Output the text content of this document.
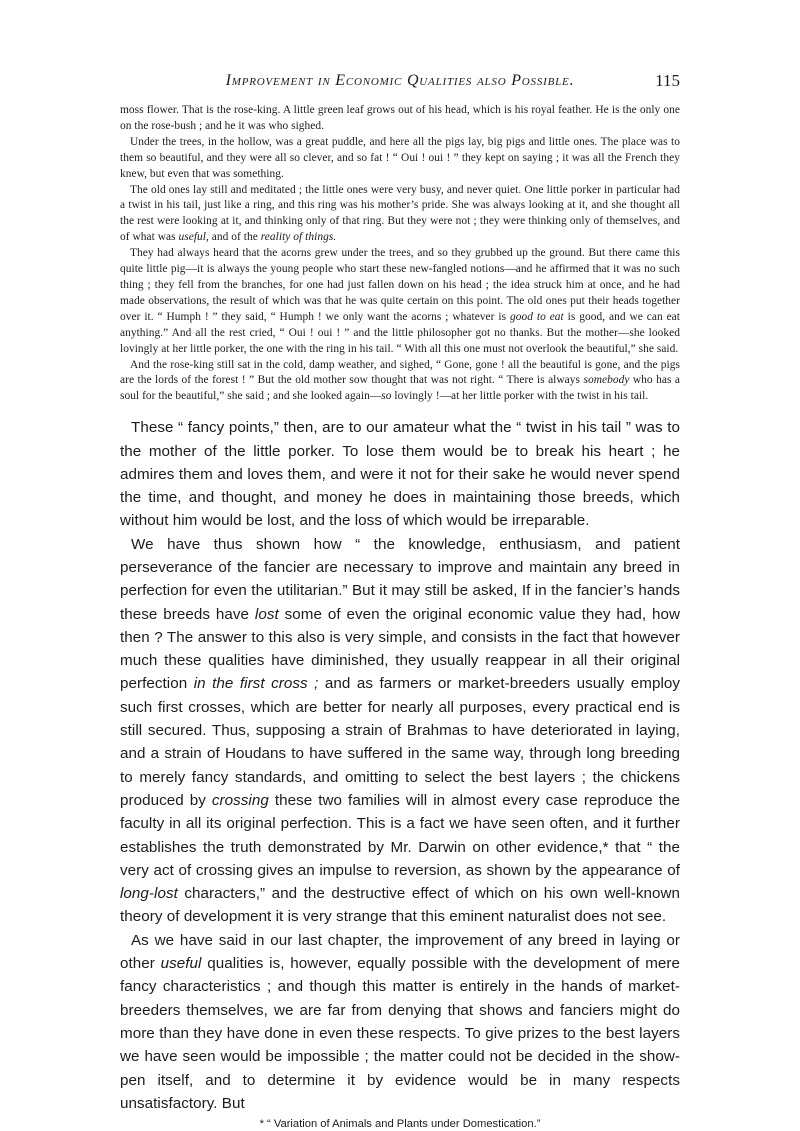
Improvement in Economic Qualities also Possible.	115

moss flower. That is the rose-king. A little green leaf grows out of his head, which is his royal feather. He is the only one on the rose-bush ; and he it was who sighed.

Under the trees, in the hollow, was a great puddle, and here all the pigs lay, big pigs and little ones. The place was to them so beautiful, and they were all so clever, and so fat ! “ Oui ! oui ! ” they kept on saying ; it was all the French they knew, but even that was something.

The old ones lay still and meditated ; the little ones were very busy, and never quiet. One little porker in particular had a twist in his tail, just like a ring, and this ring was his mother’s pride. She was always looking at it, and she thought all the rest were looking at it, and thinking only of that ring. But they were not ; they were thinking only of themselves, and of what was useful, and of the reality of things.

They had always heard that the acorns grew under the trees, and so they grubbed up the ground. But there came this quite little pig—it is always the young people who start these new-fangled notions—and he affirmed that it was no such thing ; they fell from the branches, for one had just fallen down on his head ; the idea struck him at once, and he had made observations, the result of which was that he was quite certain on this point. The old ones put their heads together over it. “ Humph ! ” they said, “ Humph ! we only want the acorns ; whatever is good to eat is good, and we can eat anything.” And all the rest cried, “ Oui ! oui ! ” and the little philosopher got no thanks. But the mother—she looked lovingly at her little porker, the one with the ring in his tail. “ With all this one must not overlook the beautiful,” she said.

And the rose-king still sat in the cold, damp weather, and sighed, “ Gone, gone ! all the beautiful is gone, and the pigs are the lords of the forest ! ” But the old mother sow thought that was not right. “ There is always somebody who has a soul for the beautiful,” she said ; and she looked again—so lovingly !—at her little porker with the twist in his tail.

These “ fancy points,” then, are to our amateur what the “ twist in his tail ” was to the mother of the little porker. To lose them would be to break his heart ; he admires them and loves them, and were it not for their sake he would never spend the time, and thought, and money he does in maintaining those breeds, which without him would be lost, and the loss of which would be irreparable.

We have thus shown how “ the knowledge, enthusiasm, and patient perseverance of the fancier are necessary to improve and maintain any breed in perfection for even the utilitarian.” But it may still be asked, If in the fancier’s hands these breeds have lost some of even the original economic value they had, how then ? The answer to this also is very simple, and consists in the fact that however much these qualities have diminished, they usually reappear in all their original perfection in the first cross ; and as farmers or market-breeders usually employ such first crosses, which are better for nearly all purposes, every practical end is still secured. Thus, supposing a strain of Brahmas to have deteriorated in laying, and a strain of Houdans to have suffered in the same way, through long breeding to merely fancy standards, and omitting to select the best layers ; the chickens produced by crossing these two families will in almost every case reproduce the faculty in all its original perfection. This is a fact we have seen often, and it further establishes the truth demonstrated by Mr. Darwin on other evidence,* that “ the very act of crossing gives an impulse to reversion, as shown by the appearance of long-lost characters,” and the destructive effect of which on his own well-known theory of development it is very strange that this eminent naturalist does not see.

As we have said in our last chapter, the improvement of any breed in laying or other useful qualities is, however, equally possible with the development of mere fancy characteristics ; and though this matter is entirely in the hands of market-breeders themselves, we are far from denying that shows and fanciers might do more than they have done in even these respects. To give prizes to the best layers we have seen would be impossible ; the matter could not be decided in the show-pen itself, and to determine it by evidence would be in many respects unsatisfactory. But

* “ Variation of Animals and Plants under Domestication.”
